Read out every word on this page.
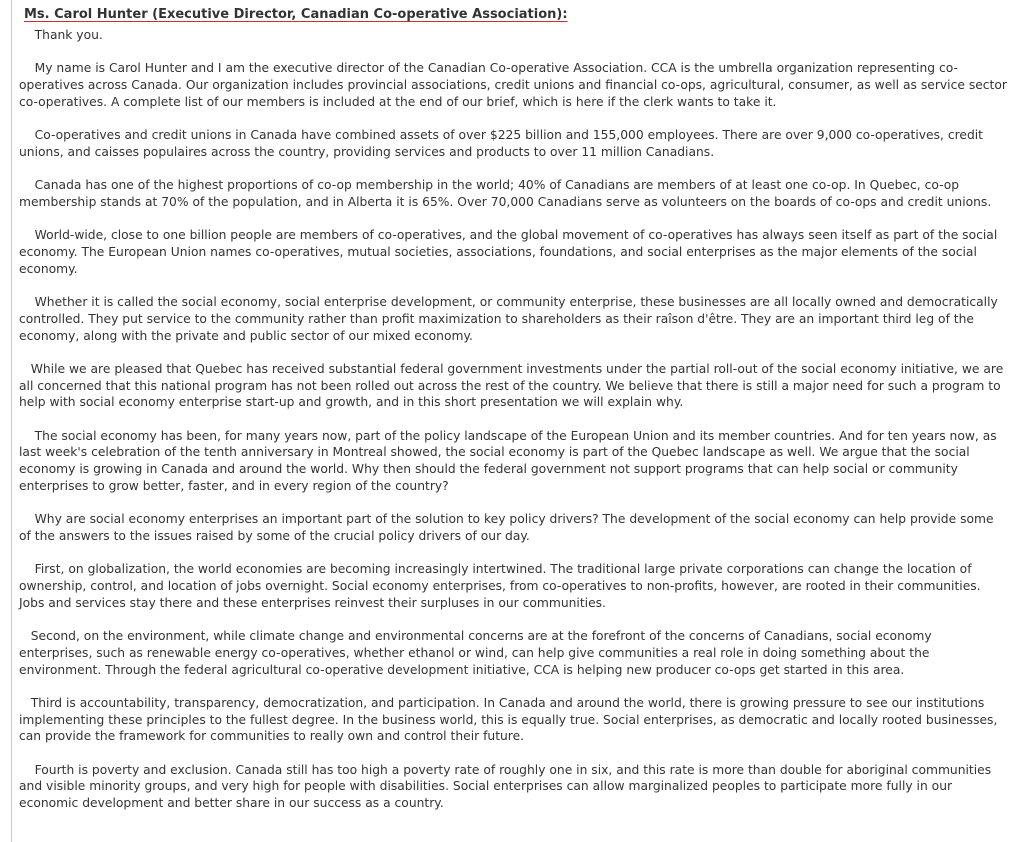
Ms. Carol Hunter (Executive Director, Canadian Co-operative Association):
Thank you.
My name is Carol Hunter and I am the executive director of the Canadian Co-operative Association. CCA is the umbrella organization representing co-operatives across Canada. Our organization includes provincial associations, credit unions and financial co-ops, agricultural, consumer, as well as service sector co-operatives. A complete list of our members is included at the end of our brief, which is here if the clerk wants to take it.
Co-operatives and credit unions in Canada have combined assets of over $225 billion and 155,000 employees. There are over 9,000 co-operatives, credit unions, and caisses populaires across the country, providing services and products to over 11 million Canadians.
Canada has one of the highest proportions of co-op membership in the world; 40% of Canadians are members of at least one co-op. In Quebec, co-op membership stands at 70% of the population, and in Alberta it is 65%. Over 70,000 Canadians serve as volunteers on the boards of co-ops and credit unions.
World-wide, close to one billion people are members of co-operatives, and the global movement of co-operatives has always seen itself as part of the social economy. The European Union names co-operatives, mutual societies, associations, foundations, and social enterprises as the major elements of the social economy.
Whether it is called the social economy, social enterprise development, or community enterprise, these businesses are all locally owned and democratically controlled. They put service to the community rather than profit maximization to shareholders as their raîson d'être. They are an important third leg of the economy, along with the private and public sector of our mixed economy.
While we are pleased that Quebec has received substantial federal government investments under the partial roll-out of the social economy initiative, we are all concerned that this national program has not been rolled out across the rest of the country. We believe that there is still a major need for such a program to help with social economy enterprise start-up and growth, and in this short presentation we will explain why.
The social economy has been, for many years now, part of the policy landscape of the European Union and its member countries. And for ten years now, as last week's celebration of the tenth anniversary in Montreal showed, the social economy is part of the Quebec landscape as well. We argue that the social economy is growing in Canada and around the world. Why then should the federal government not support programs that can help social or community enterprises to grow better, faster, and in every region of the country?
Why are social economy enterprises an important part of the solution to key policy drivers? The development of the social economy can help provide some of the answers to the issues raised by some of the crucial policy drivers of our day.
First, on globalization, the world economies are becoming increasingly intertwined. The traditional large private corporations can change the location of ownership, control, and location of jobs overnight. Social economy enterprises, from co-operatives to non-profits, however, are rooted in their communities. Jobs and services stay there and these enterprises reinvest their surpluses in our communities.
Second, on the environment, while climate change and environmental concerns are at the forefront of the concerns of Canadians, social economy enterprises, such as renewable energy co-operatives, whether ethanol or wind, can help give communities a real role in doing something about the environment. Through the federal agricultural co-operative development initiative, CCA is helping new producer co-ops get started in this area.
Third is accountability, transparency, democratization, and participation. In Canada and around the world, there is growing pressure to see our institutions implementing these principles to the fullest degree. In the business world, this is equally true. Social enterprises, as democratic and locally rooted businesses, can provide the framework for communities to really own and control their future.
Fourth is poverty and exclusion. Canada still has too high a poverty rate of roughly one in six, and this rate is more than double for aboriginal communities and visible minority groups, and very high for people with disabilities. Social enterprises can allow marginalized peoples to participate more fully in our economic development and better share in our success as a country.
